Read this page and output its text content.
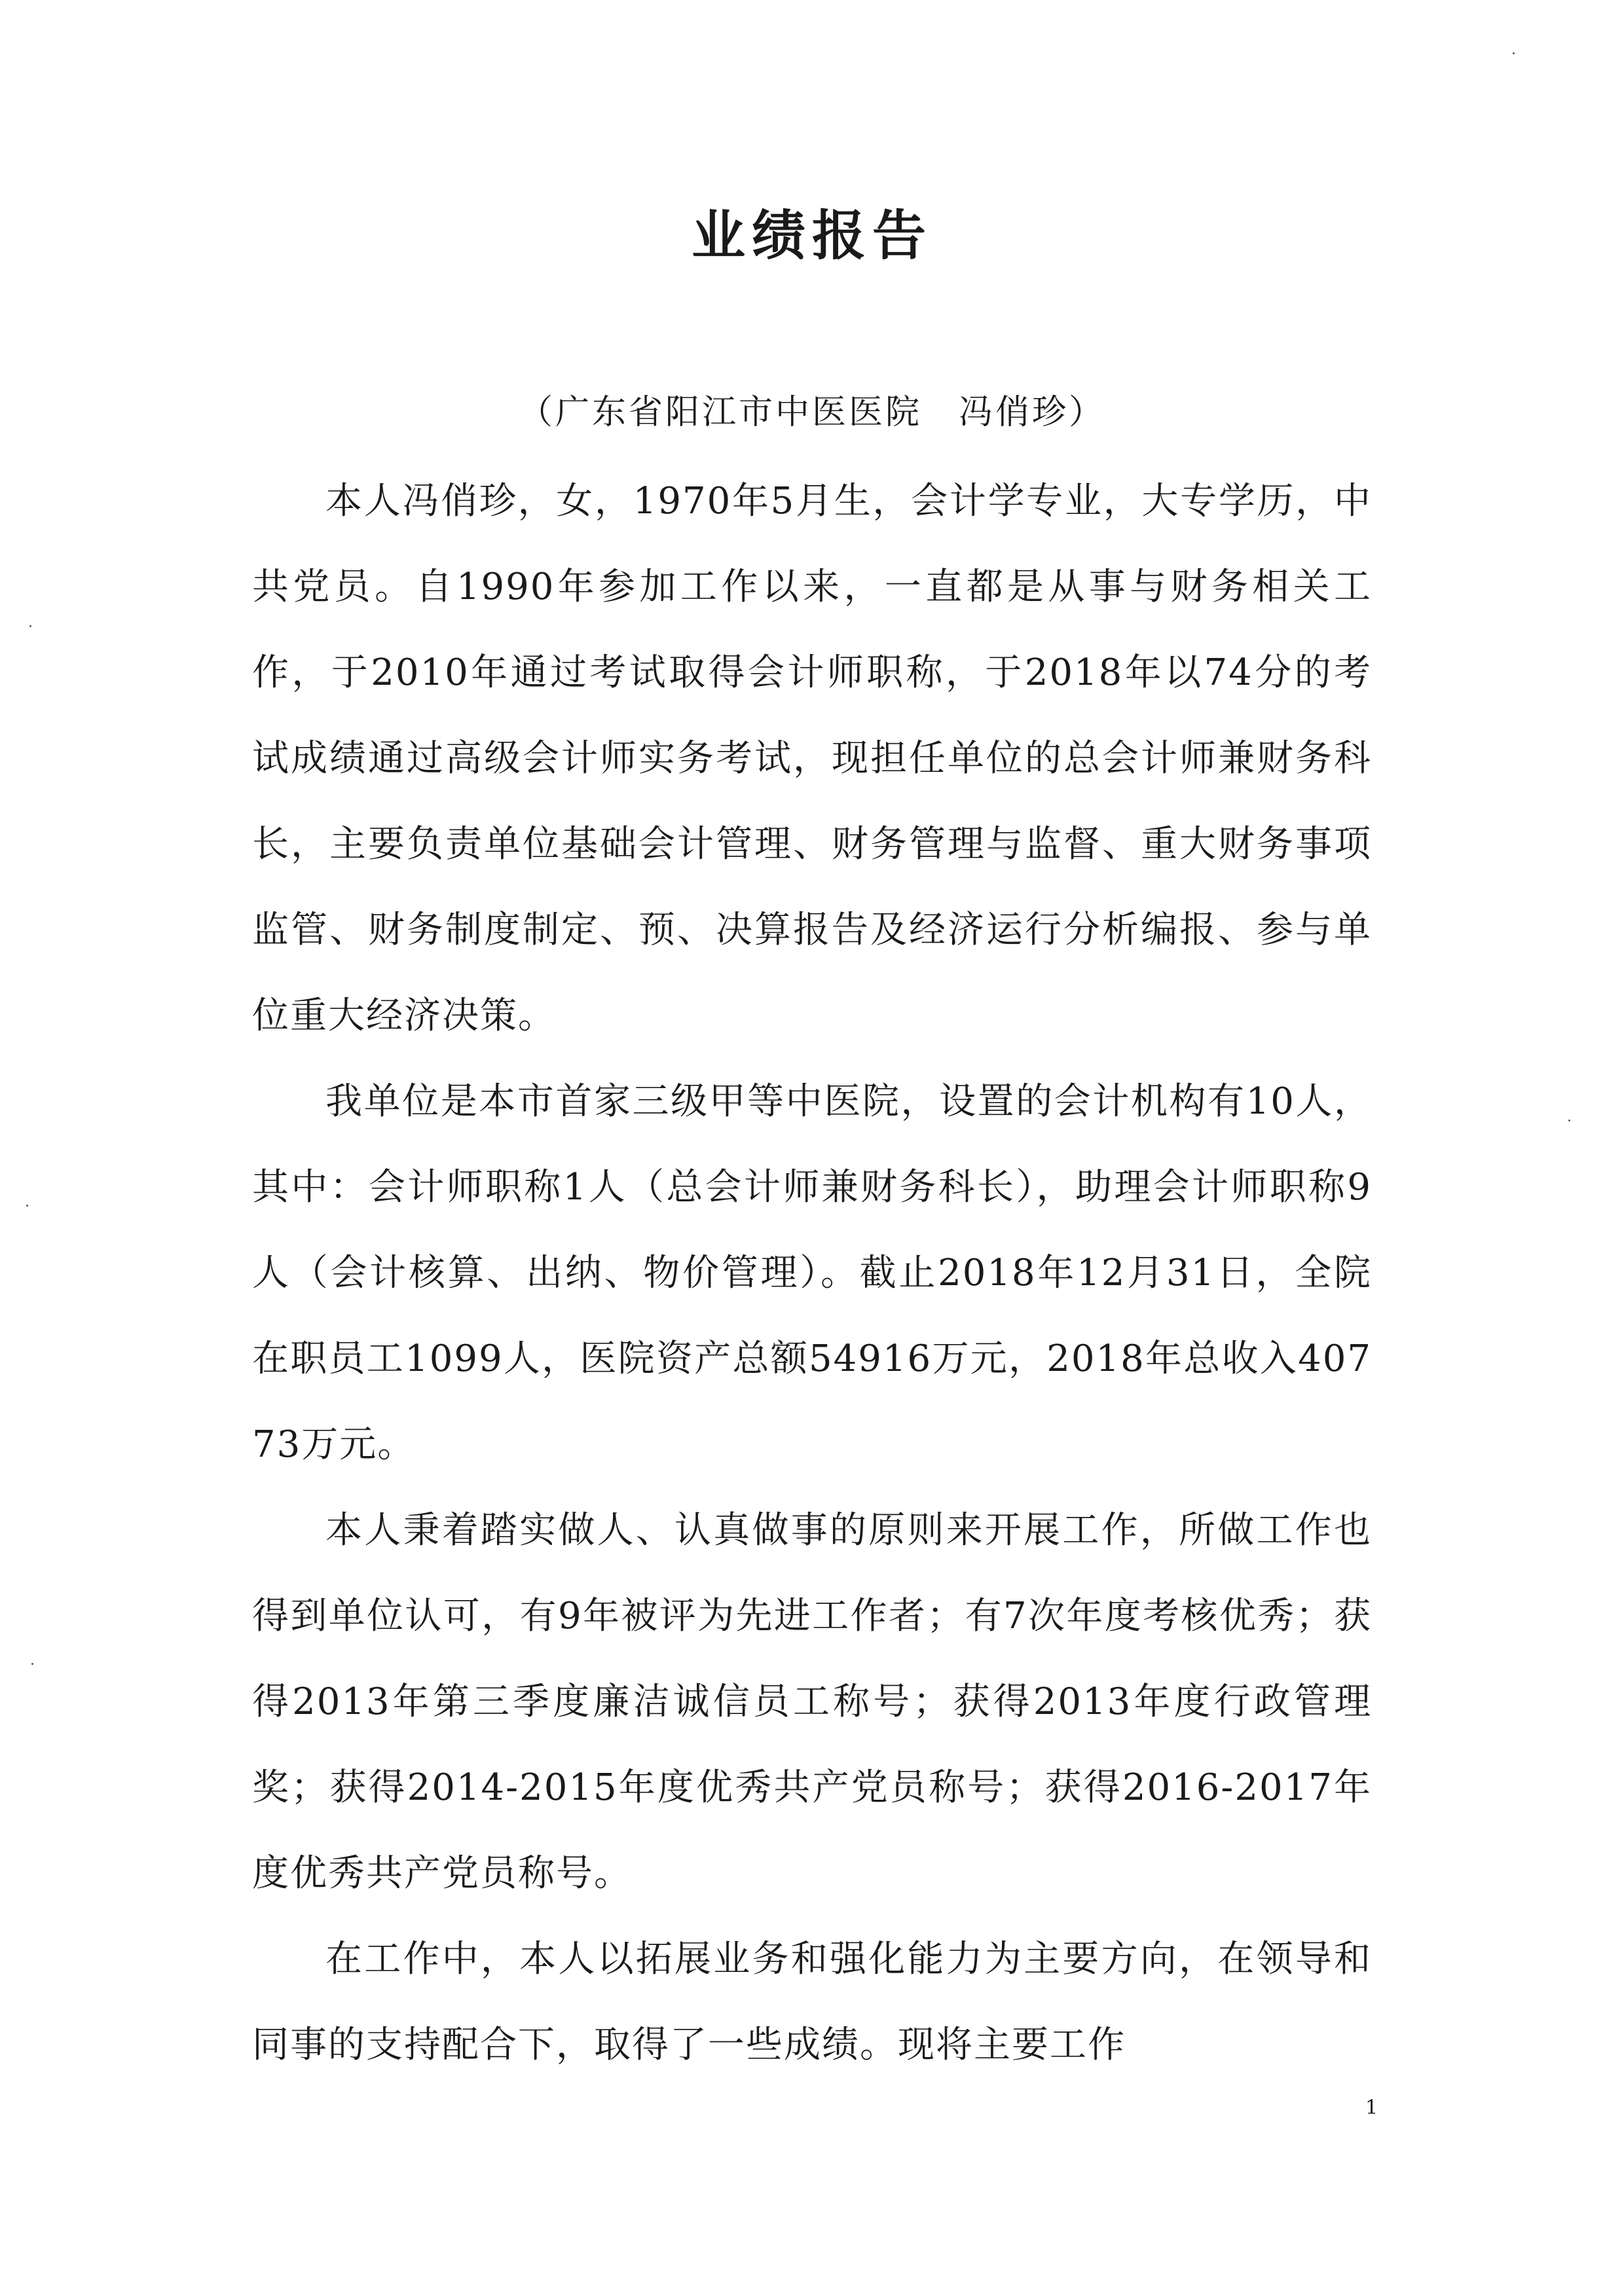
业绩报告
（广东省阳江市中医医院　冯俏珍）

本人冯俏珍，女，1970年5月生，会计学专业，大专学历，中共党员。自1990年参加工作以来，一直都是从事与财务相关工作，于2010年通过考试取得会计师职称，于2018年以74分的考试成绩通过高级会计师实务考试，现担任单位的总会计师兼财务科长，主要负责单位基础会计管理、财务管理与监督、重大财务事项监管、财务制度制定、预、决算报告及经济运行分析编报、参与单位重大经济决策。

我单位是本市首家三级甲等中医院，设置的会计机构有10人，其中：会计师职称1人（总会计师兼财务科长），助理会计师职称9人（会计核算、出纳、物价管理）。截止2018年12月31日，全院在职员工1099人，医院资产总额54916万元，2018年总收入40773万元。

本人秉着踏实做人、认真做事的原则来开展工作，所做工作也得到单位认可，有9年被评为先进工作者；有7次年度考核优秀；获得2013年第三季度廉洁诚信员工称号；获得2013年度行政管理奖；获得2014-2015年度优秀共产党员称号；获得2016-2017年度优秀共产党员称号。

在工作中，本人以拓展业务和强化能力为主要方向，在领导和同事的支持配合下，取得了一些成绩。现将主要工作

1
